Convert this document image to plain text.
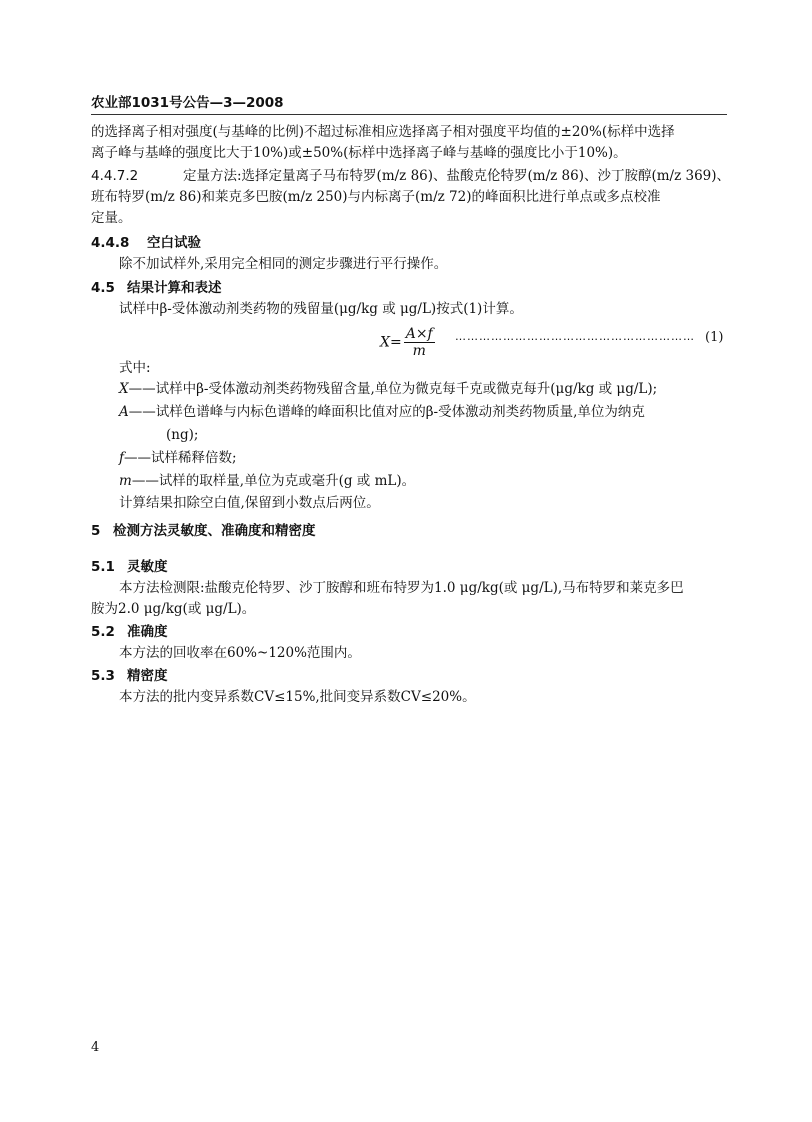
农业部1031号公告—3—2008
的选择离子相对强度(与基峰的比例)不超过标准相应选择离子相对强度平均值的±20%(标样中选择
离子峰与基峰的强度比大于10%)或±50%(标样中选择离子峰与基峰的强度比小于10%)。
4.4.7.2	定量方法:选择定量离子马布特罗(m/z 86)、盐酸克伦特罗(m/z 86)、沙丁胺醇(m/z 369)、
班布特罗(m/z 86)和莱克多巴胺(m/z 250)与内标离子(m/z 72)的峰面积比进行单点或多点校准
定量。
4.4.8 空白试验
除不加试样外,采用完全相同的测定步骤进行平行操作。
4.5 结果计算和表述
试样中β-受体激动剂类药物的残留量(μg/kg 或 μg/L)按式(1)计算。
$X= \frac{A\times f}{m}$ …………………………………………………… (1)
式中:
X——试样中β-受体激动剂类药物残留含量,单位为微克每千克或微克每升(μg/kg 或 μg/L);
A——试样色谱峰与内标色谱峰的峰面积比值对应的β-受体激动剂类药物质量,单位为纳克
(ng);
f——试样稀释倍数;
m——试样的取样量,单位为克或毫升(g 或 mL)。
计算结果扣除空白值,保留到小数点后两位。
5 检测方法灵敏度、准确度和精密度
5.1 灵敏度
本方法检测限:盐酸克伦特罗、沙丁胺醇和班布特罗为1.0 μg/kg(或 μg/L),马布特罗和莱克多巴
胺为2.0 μg/kg(或 μg/L)。
5.2 准确度
本方法的回收率在60%~120%范围内。
5.3 精密度
本方法的批内变异系数CV≤15%,批间变异系数CV≤20%。
4
